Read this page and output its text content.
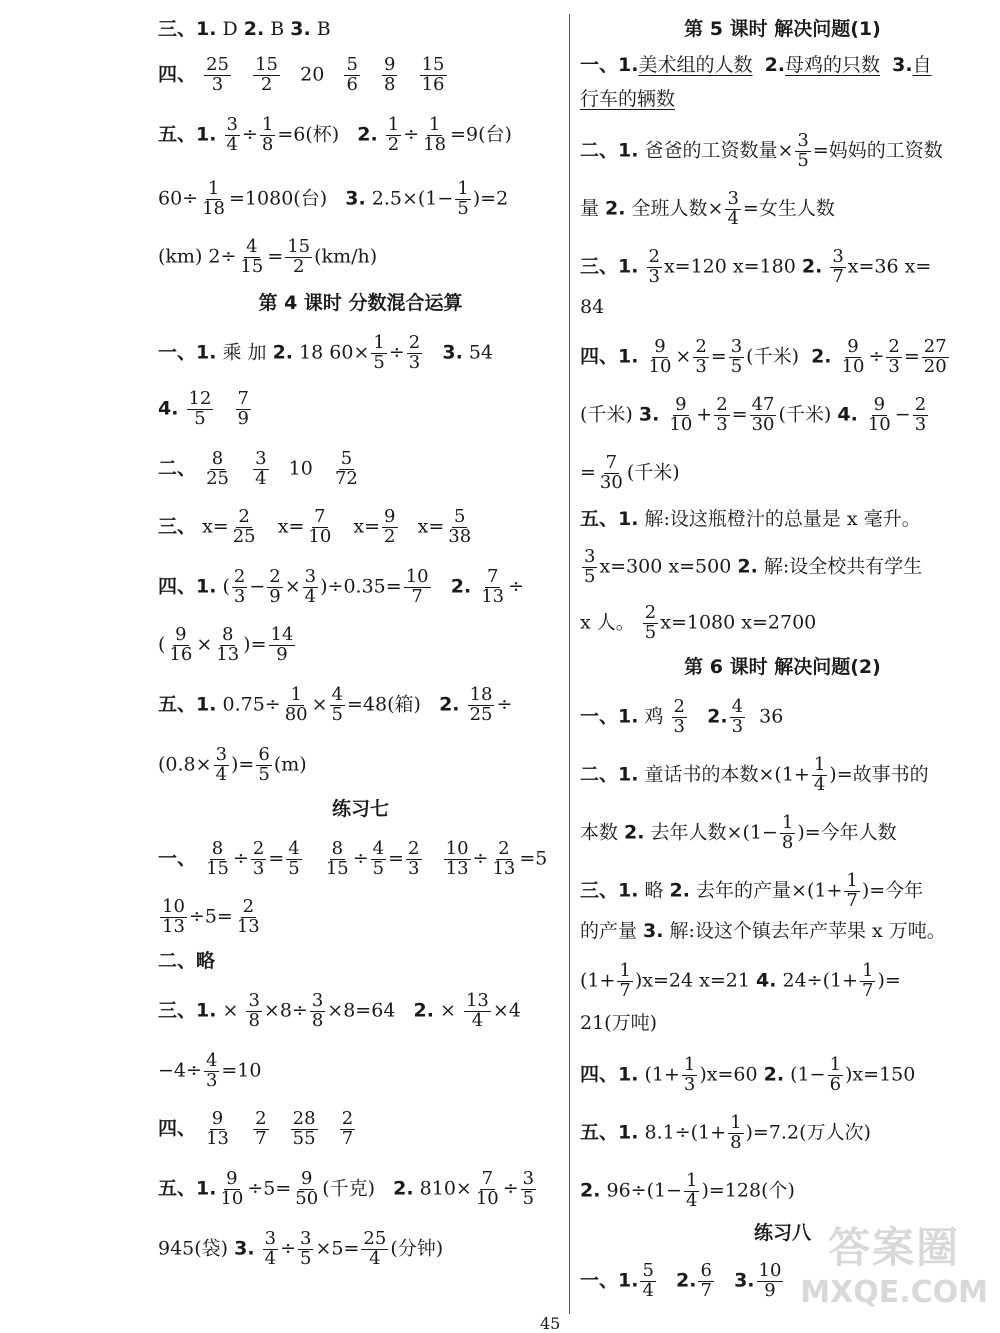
三、1. D 2. B 3. B
四、 $\frac{25}{3}$
$\frac{15}{2} 20 \frac{5}{6}$
$\frac{9}{8}$
$\frac{15}{16}$
五、1. $\frac{3}{4} \div \frac{1}{8} =6$(杯) 2. $\frac{1}{2} \div \frac{1}{18} =9$(台)
$60\div \frac{1}{18} =1080$(台) 3. $2.5\times(1- \frac{1}{5} )=2$
(km) $2\div \frac{4}{15} = \frac{15}{2} (km/h)$
第 4 课时 分数混合运算
一、1. 乘 加 2. 18 $60\times \frac{1}{5} \div \frac{2}{3} 3$. 54
4. $\frac{12}{5}$
$\frac{7}{9}$
二、 $\frac{8}{25}$
$\frac{3}{4} 10 \frac{5}{72}$
三、 $x= \frac{2}{25} x= \frac{7}{10} x= \frac{9}{2} x= \frac{5}{38}$
四、1. ( $\frac{2}{3} - \frac{2}{9} \times \frac{3}{4} )\div 0.35= \frac{10}{7} 2$. $\frac{7}{13}$ ÷
( $\frac{9}{16} \times \frac{8}{13}$ )= $\frac{14}{9}$
五、1. $0.75\div \frac{1}{80} \times \frac{4}{5} =48$(箱) 2. $\frac{18}{25}$ ÷
($0.8\times \frac{3}{4}$ )= $\frac{6}{5} (m)$
练习七
一、 $\frac{8}{15} \div \frac{2}{3} = \frac{4}{5}$
$\frac{8}{15} \div \frac{4}{5} = \frac{2}{3}$
$\frac{10}{13} \div \frac{2}{13} =5$
$\frac{10}{13} \div 5= \frac{2}{13}$
二、略
三、1. × $\frac{3}{8} \times 8\div \frac{3}{8} \times 8=64$ 2. × $\frac{13}{4} \times 4$
$-4\div \frac{4}{3} =10$
四、 $\frac{9}{13}$
$\frac{2}{7}$
$\frac{28}{55}$
$\frac{2}{7}$
五、1. $\frac{9}{10} \div 5= \frac{9}{50}$ (千克) 2. $810\times \frac{7}{10} \div \frac{3}{5}$
945(袋) 3. $\frac{3}{4} \div \frac{3}{5} \times 5= \frac{25}{4}$ (分钟)
第 5 课时 解决问题(1)
一、1.美术组的人数 2.母鸡的只数 3.自
行车的辆数
二、1. 爸爸的工资数量× $\frac{3}{5}$ =妈妈的工资数
量 2. 全班人数× $\frac{3}{4}$ =女生人数
三、1. $\frac{2}{3} x=120$ x=180 2. $\frac{3}{7} x=36$ x=
84
四、1. $\frac{9}{10} \times \frac{2}{3} = \frac{3}{5}$ (千米) 2. $\frac{9}{10} \div \frac{2}{3} = \frac{27}{20}$
(千米) 3. $\frac{9}{10} + \frac{2}{3} = \frac{47}{30}$ (千米) 4. $\frac{9}{10} - \frac{2}{3}$
= $\frac{7}{30}$ (千米)
五、1. 解:设这瓶橙汁的总量是 x 毫升。
$\frac{3}{5} x=300$ x=500 2. 解:设全校共有学生
x 人。 $\frac{2}{5} x=1080$ x=2700
第 6 课时 解决问题(2)
一、1. 鸡 $\frac{2}{3} 2$. $\frac{4}{3} 36$
二、1. 童话书的本数$\times(1+ \frac{1}{4}$ )=故事书的
本数 2. 去年人数$\times(1- \frac{1}{8}$ )=今年人数
三、1. 略 2. 去年的产量$\times(1+ \frac{1}{7}$ )=今年
的产量 3. 解:设这个镇去年产苹果 x 万吨。
$(1+ \frac{1}{7} )x=24$ x=21 4. $24\div(1+ \frac{1}{7}$ )=
21(万吨)
四、1. $(1+ \frac{1}{3} )x=60$ 2. $(1- \frac{1}{6} )x=150$
五、1. $8.1\div(1+ \frac{1}{8} )=7.2$(万人次)
2. $96\div(1- \frac{1}{4} )=128$(个)
练习八
一、1. $\frac{5}{4} 2$. $\frac{6}{7} 3$. $\frac{10}{9}$
45
答案圈
MXQE.COM
